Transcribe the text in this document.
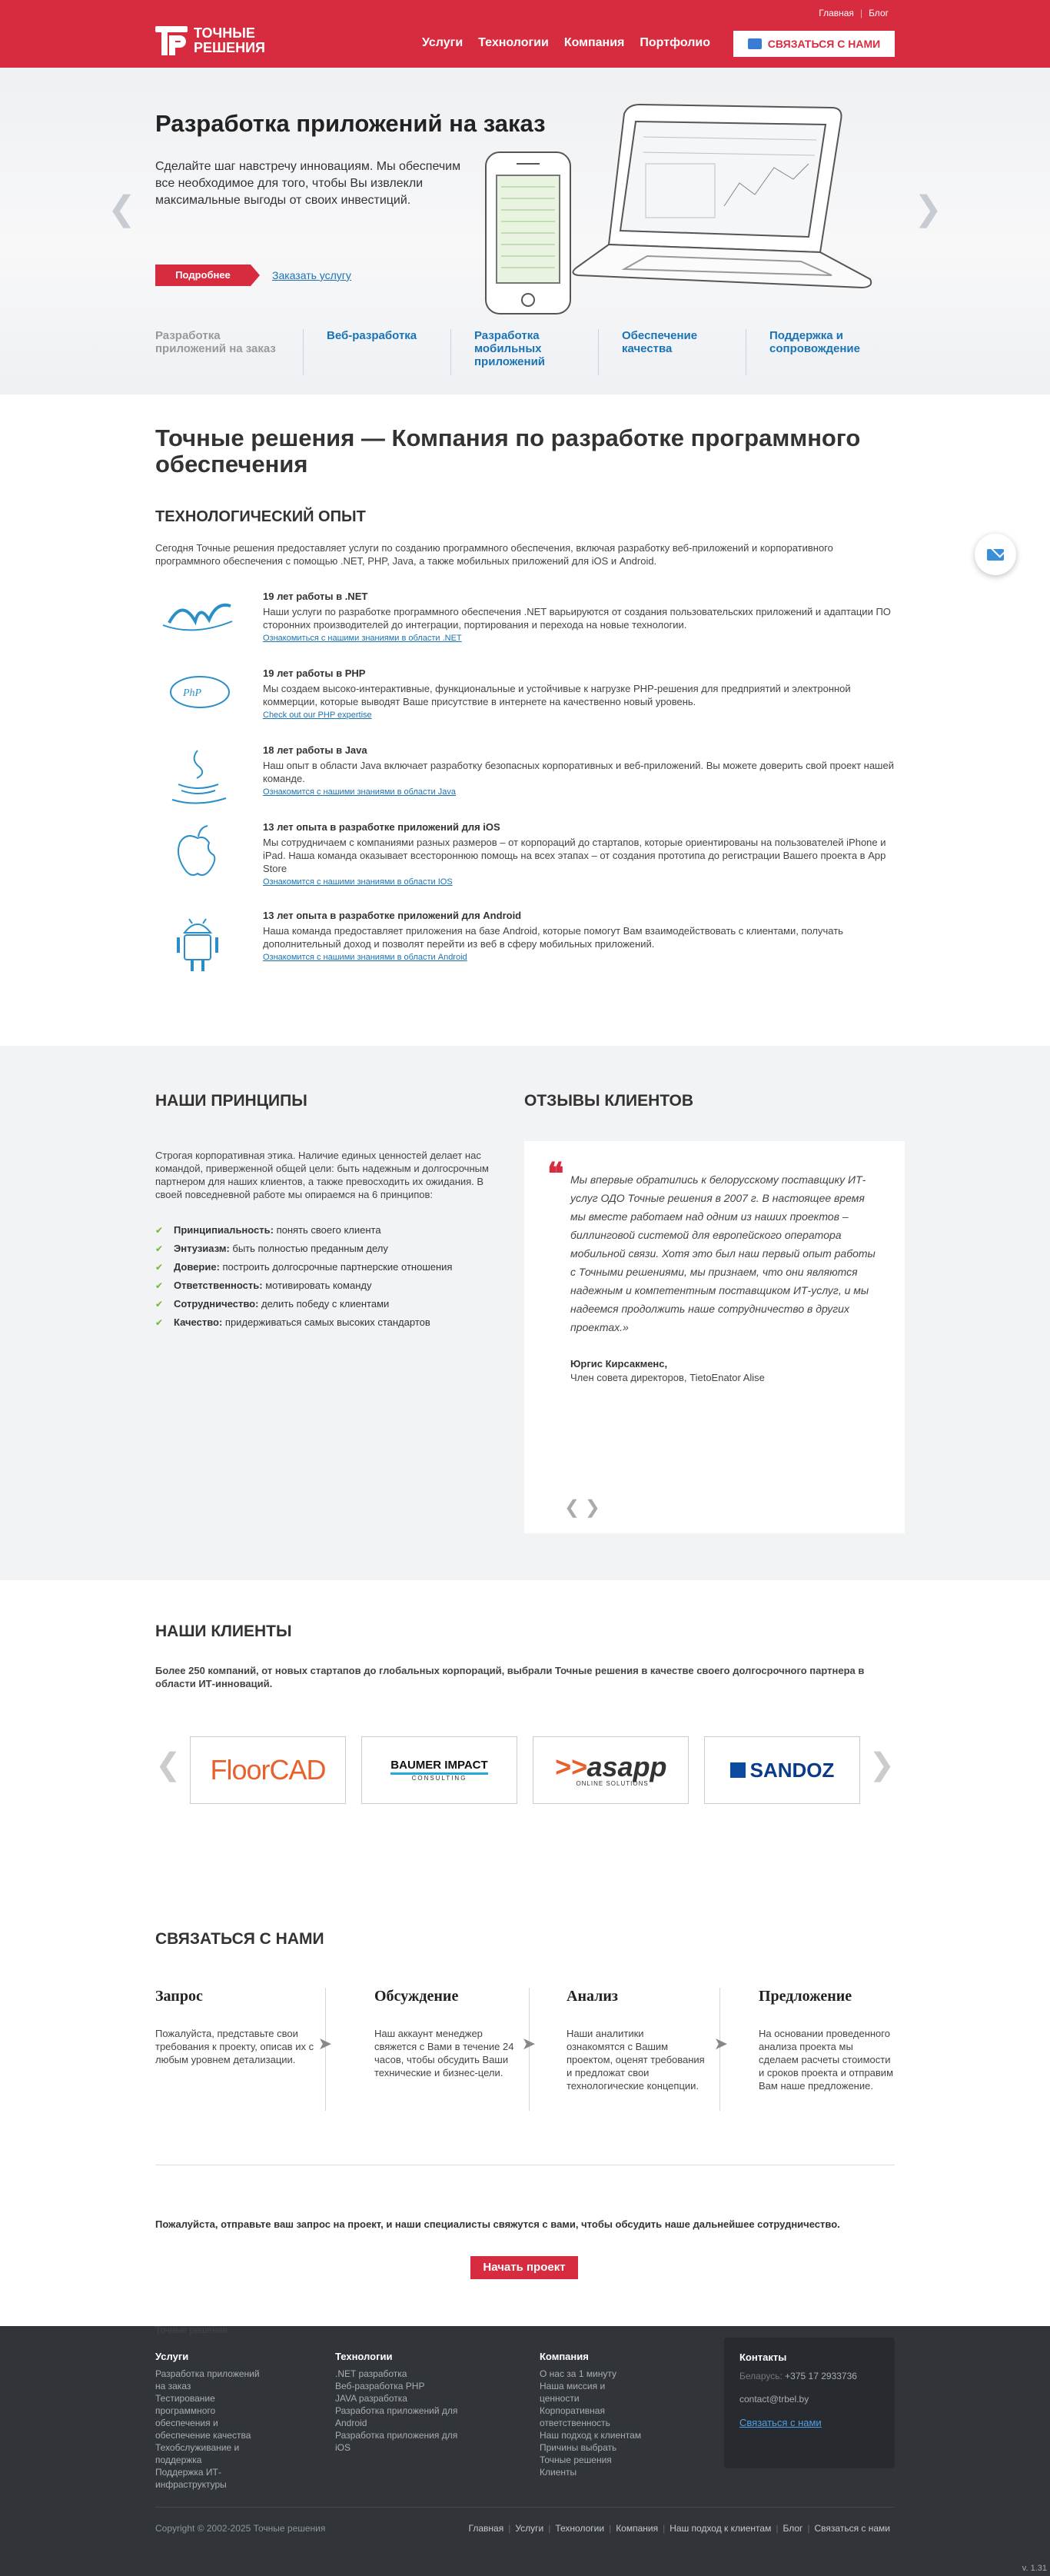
ТОЧНЫЕ
РЕШЕНИЯ
Главная | Блог
Услуги	Технологии	Компания	Портфолио	СВЯЗАТЬСЯ С НАМИ
❮	❯
Разработка приложений на заказ

Сделайте шаг навстречу инновациям. Мы обеспечим все необходимое для того, чтобы Вы извлекли максимальные выгоды от своих инвестиций.

Подробнее	Заказать услугу
Разработка приложений на заказ
Веб-разработка	Разработка мобильных приложений
Обеспечение качества
Поддержка и сопровождение
Точные решения — Компания по разработке программного обеспечения
ТЕХНОЛОГИЧЕСКИЙ ОПЫТ

Сегодня Точные решения предоставляет услуги по созданию программного обеспечения, включая разработку веб-приложений и корпоративного программного обеспечения с помощью .NET, PHP, Java, а также мобильных приложений для iOS и Android.

19 лет работы в .NET

Наши услуги по разработке программного обеспечения .NET варьируются от создания пользовательских приложений и адаптации ПО сторонних производителей до интеграции, портирования и перехода на новые технологии.

Ознакомиться с нашими знаниями в области .NET
PhP
19 лет работы в PHP

Мы создаем высоко-интерактивные, функциональные и устойчивые к нагрузке PHP-решения для предприятий и электронной коммерции, которые выводят Ваше присутствие в интернете на качественно новый уровень.

Check out our PHP expertise
18 лет работы в Java

Наш опыт в области Java включает разработку безопасных корпоративных и веб-приложений. Вы можете доверить свой проект нашей команде.

Ознакомится с нашими знаниями в области Java
13 лет опыта в разработке приложений для iOS

Мы сотрудничаем с компаниями разных размеров – от корпораций до стартапов, которые ориентированы на пользователей iPhone и iPad. Наша команда оказывает всестороннюю помощь на всех этапах – от создания прототипа до регистрации Вашего проекта в App Store

Ознакомится с нашими знаниями в области IOS
13 лет опыта в разработке приложений для Android

Наша команда предоставляет приложения на базе Android, которые помогут Вам взаимодействовать с клиентами, получать дополнительный доход и позволят перейти из веб в сферу мобильных приложений.

Ознакомится с нашими знаниями в области Android
НАШИ ПРИНЦИПЫ

Строгая корпоративная этика. Наличие единых ценностей делает нас командой, приверженной общей цели: быть надежным и долгосрочным партнером для наших клиентов, а также превосходить их ожидания. В своей повседневной работе мы опираемся на 6 принципов:

✔ Принципиальность: понять своего клиента
✔ Энтузиазм: быть полностью преданным делу
✔ Доверие: построить долгосрочные партнерские отношения
✔ Ответственность: мотивировать команду
✔ Сотрудничество: делить победу с клиентами
✔ Качество: придерживаться самых высоких стандартов
ОТЗЫВЫ КЛИЕНТОВ
❝ Мы впервые обратились к белорусскому поставщику ИТ-услуг ОДО Точные решения в 2007 г. В настоящее время мы вместе работаем над одним из наших проектов – биллинговой системой для европейского оператора мобильной связи. Хотя это был наш первый опыт работы с Точными решениями, мы признаем, что они являются надежным и компетентным поставщиком ИТ-услуг, и мы надеемся продолжить наше сотрудничество в других проектах.»

Юргис Кирсакменс,
Член совета директоров, TietoEnator Alise
❮ ❯
НАШИ КЛИЕНТЫ

Более 250 компаний, от новых стартапов до глобальных корпораций, выбрали Точные решения в качестве своего долгосрочного партнера в области ИТ-инноваций.

❮	❯
FloorCAD	BAUMER IMPACT
CONSULTING	>>asapp
ONLINE SOLUTIONS
SANDOZ
СВЯЗАТЬСЯ С НАМИ
Запрос

Пожалуйста, представьте свои требования к проекту, описав их с любым уровнем детализации.

➤
Обсуждение

Наш аккаунт менеджер свяжется с Вами в течение 24 часов, чтобы обсудить Ваши технические и бизнес-цели.

➤
Анализ

Наши аналитики ознакомятся с Вашим проектом, оценят требования и предложат свои технологические концепции.

➤
Предложение

На основании проведенного анализа проекта мы сделаем расчеты стоимости и сроков проекта и отправим Вам наше предложение.

Пожалуйста, отправьте ваш запрос на проект, и наши специалисты свяжутся с вами, чтобы обсудить наше дальнейшее сотрудничество.
Начать проект
Точные решения
Услуги
Разработка приложений на заказ
Тестирование программного обеспечения и обеспечение качества
Техобслуживание и поддержка
Поддержка ИТ-инфраструктуры
Технологии
.NET разработка
Веб-разработка PHP
JAVA разработка
Разработка приложений для Android
Разработка приложения для iOS
Компания
О нас за 1 минуту
Наша миссия и ценности
Корпоративная ответственность
Наш подход к клиентам
Причины выбрать Точные решения
Клиенты
Контакты
Беларусь: +375 17 2933736
contact@trbel.by
Связаться с нами
Copyright © 2002-2025 Точные решения	Главная | Услуги | Технологии | Компания | Наш подход к клиентам | Блог | Связаться с нами
v. 1.31
